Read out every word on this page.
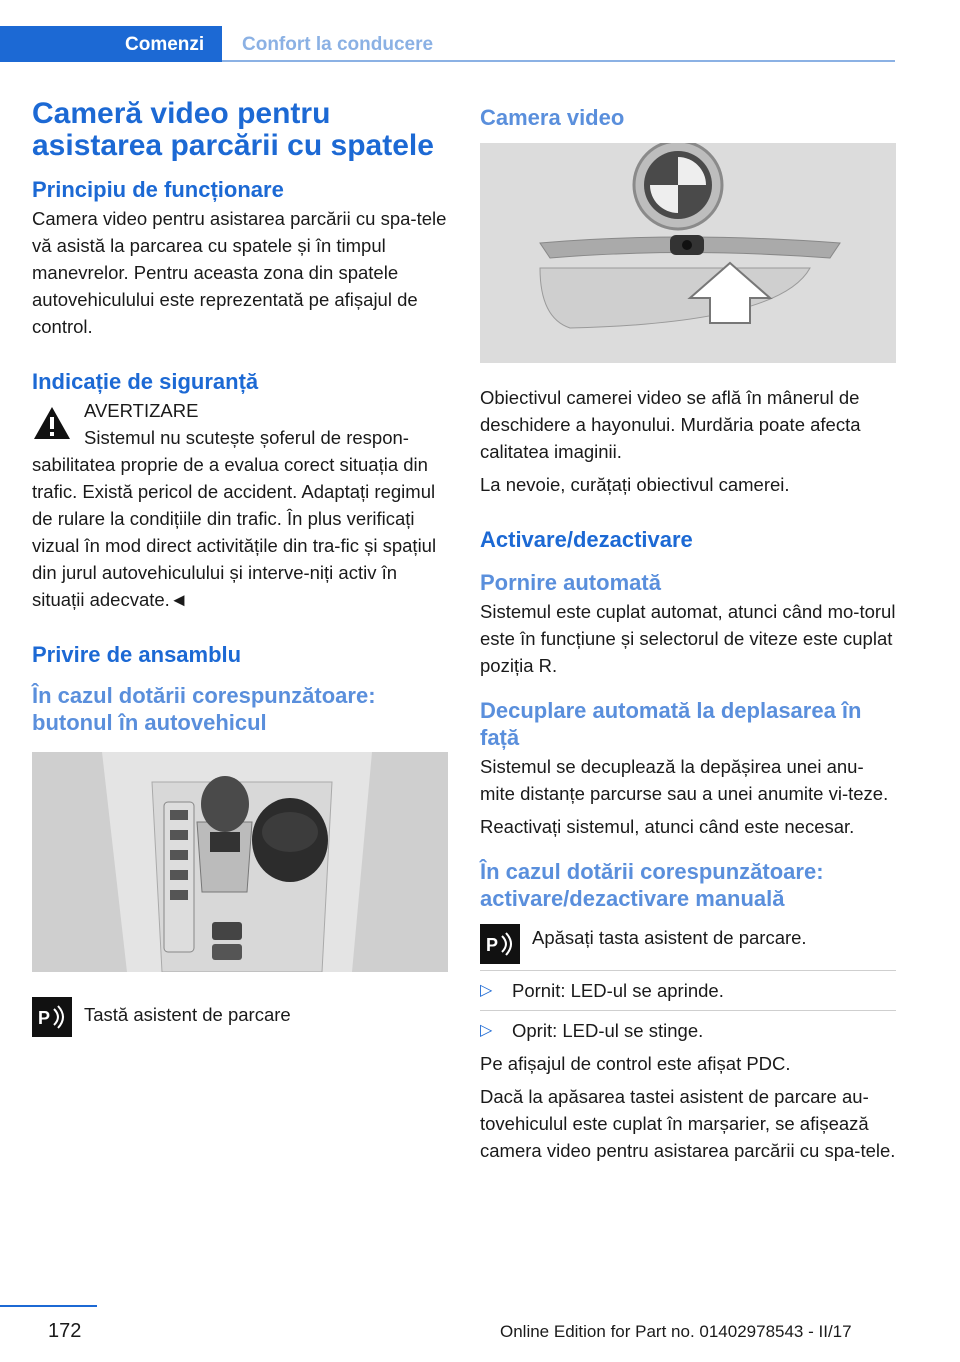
Comenzi Confort la conducere
Cameră video pentru asistarea parcării cu spatele
Principiu de funcționare
Camera video pentru asistarea parcării cu spa-tele vă asistă la parcarea cu spatele și în timpul manevrelor. Pentru aceasta zona din spatele autovehiculului este reprezentată pe afișajul de control.
Indicație de siguranță
AVERTIZARE
Sistemul nu scutește șoferul de respon-sabilitatea proprie de a evalua corect situația din trafic. Există pericol de accident. Adaptați regimul de rulare la condițiile din trafic. În plus verificați vizual în mod direct activitățile din tra-fic și spațiul din jurul autovehiculului și interve-niți activ în situații adecvate.◄
Privire de ansamblu
În cazul dotării corespunzătoare: butonul în autovehicul
P Tastă asistent de parcare
Camera video
Obiectivul camerei video se află în mânerul de deschidere a hayonului. Murdăria poate afecta calitatea imaginii.
La nevoie, curățați obiectivul camerei.
Activare/dezactivare
Pornire automată
Sistemul este cuplat automat, atunci când mo-torul este în funcțiune și selectorul de viteze este cuplat poziția R.
Decuplare automată la deplasarea în față
Sistemul se decuplează la depășirea unei anu-mite distanțe parcurse sau a unei anumite vi-teze.
Reactivați sistemul, atunci când este necesar.
În cazul dotării corespunzătoare: activare/dezactivare manuală
P Apăsați tasta asistent de parcare.
▷ Pornit: LED-ul se aprinde.
▷ Oprit: LED-ul se stinge.
Pe afișajul de control este afișat PDC.
Dacă la apăsarea tastei asistent de parcare au-tovehiculul este cuplat în marșarier, se afișează camera video pentru asistarea parcării cu spa-tele.
172	Online Edition for Part no. 01402978543 - II/17
